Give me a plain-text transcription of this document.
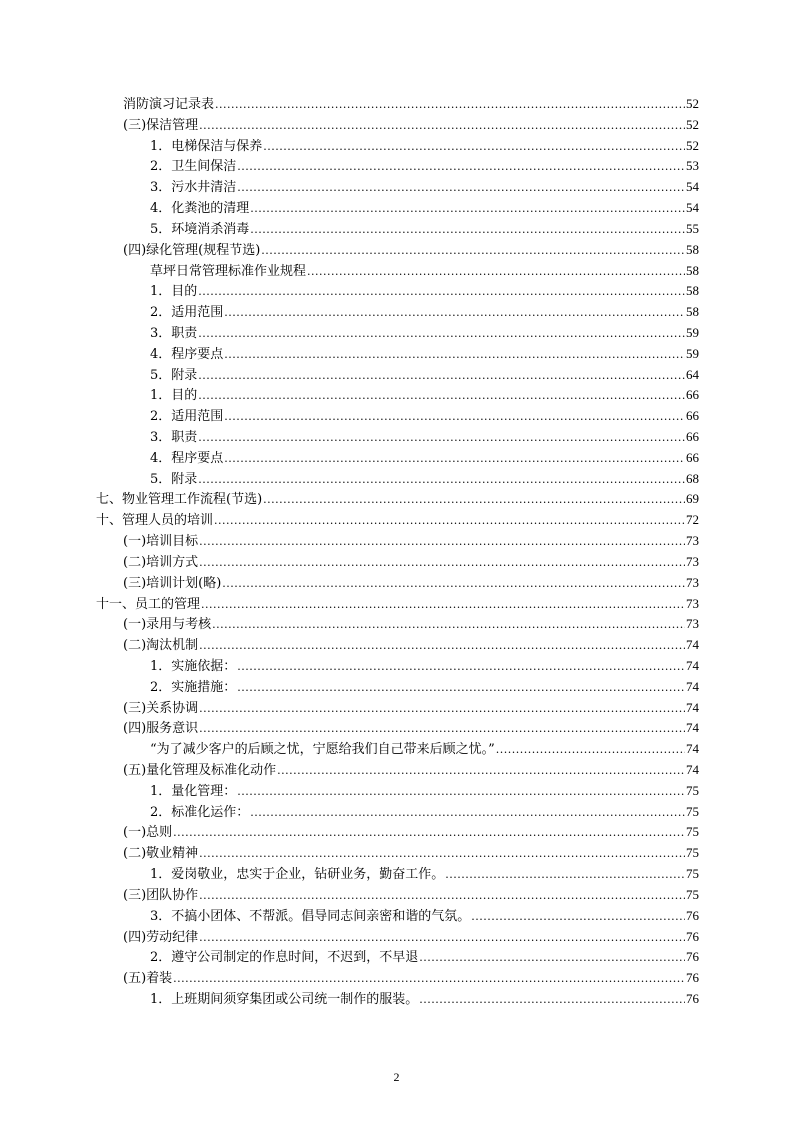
消防演习记录表 .....	52
(三)保洁管理 .....	52
1．电梯保洁与保养 .....	52
2．卫生间保洁 .....	53
3．污水井清洁 .....	54
4．化粪池的清理 .....	54
5．环境消杀消毒 .....	55
(四)绿化管理(规程节选) .....	58
草坪日常管理标准作业规程 .....	58
1．目的 .....	58
2．适用范围 .....	58
3．职责 .....	59
4．程序要点 .....	59
5．附录 .....	64
1．目的 .....	66
2．适用范围 .....	66
3．职责 .....	66
4．程序要点 .....	66
5．附录 .....	68
七、物业管理工作流程(节选) .....	69
十、管理人员的培训 .....	72
(一)培训目标 .....	73
(二)培训方式 .....	73
(三)培训计划(略) .....	73
十一、员工的管理 .....	73
(一)录用与考核 .....	73
(二)淘汰机制 .....	74
1．实施依据： .....	74
2．实施措施： .....	74
(三)关系协调 .....	74
(四)服务意识 .....	74
“为了减少客户的后顾之忧，宁愿给我们自己带来后顾之忧。” .....	74
(五)量化管理及标准化动作 .....	74
1．量化管理： .....	75
2．标准化运作： .....	75
(一)总则 .....	75
(二)敬业精神 .....	75
1．爱岗敬业，忠实于企业，钻研业务，勤奋工作。 .....	75
(三)团队协作 .....	75
3．不搞小团体、不帮派。倡导同志间亲密和谐的气氛。 .....	76
(四)劳动纪律 .....	76
2．遵守公司制定的作息时间，不迟到，不早退 .....	76
(五)着装 .....	76
1．上班期间须穿集团或公司统一制作的服装。 .....	76
2
